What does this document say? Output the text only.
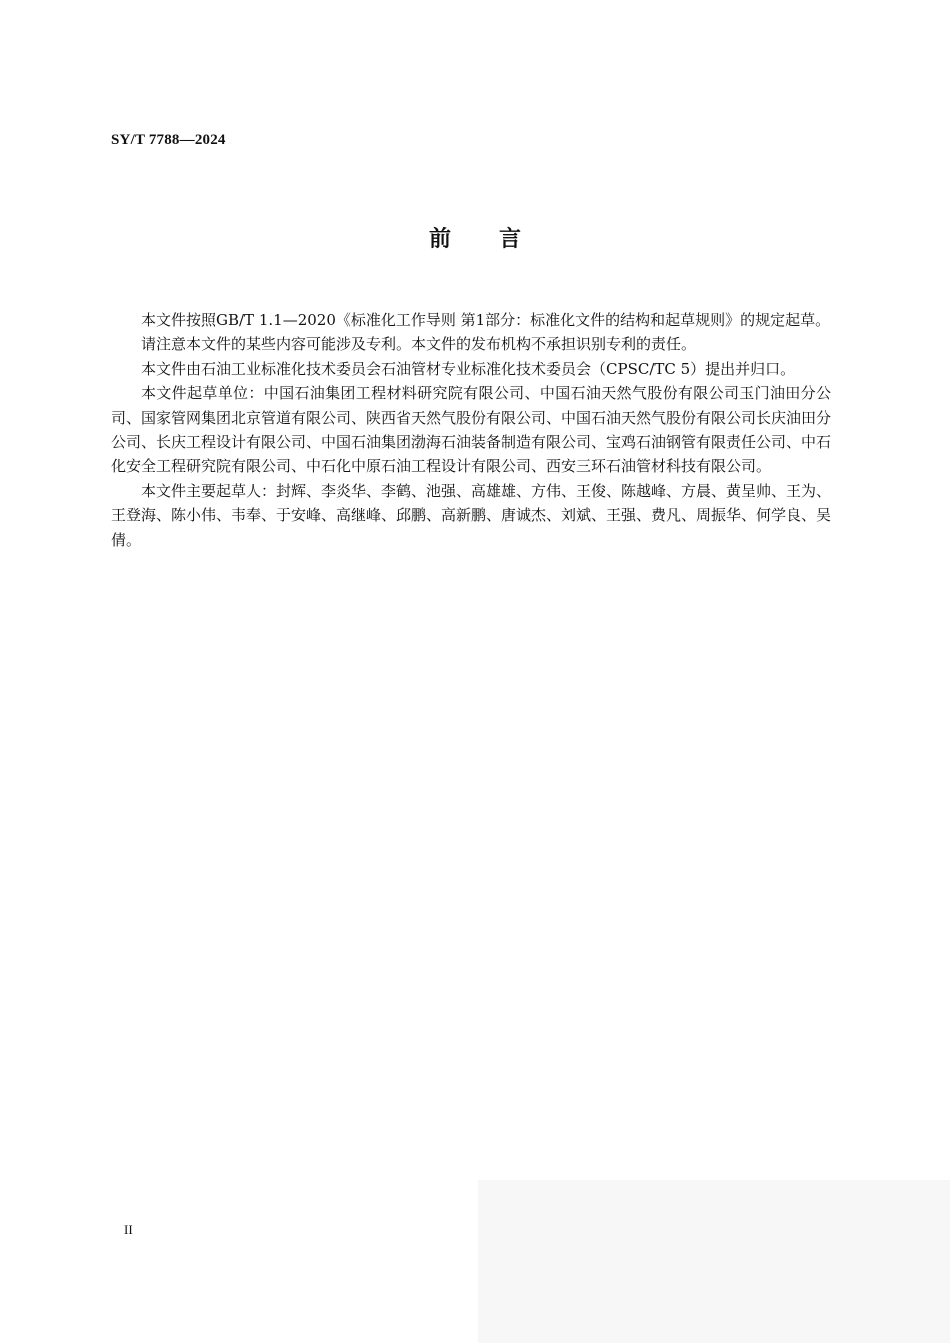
SY/T 7788—2024
前言

本文件按照GB/T 1.1—2020《标准化工作导则 第1部分：标准化文件的结构和起草规则》的规定起草。

请注意本文件的某些内容可能涉及专利。本文件的发布机构不承担识别专利的责任。

本文件由石油工业标准化技术委员会石油管材专业标准化技术委员会（CPSC/TC 5）提出并归口。

本文件起草单位：中国石油集团工程材料研究院有限公司、中国石油天然气股份有限公司玉门油田分公司、国家管网集团北京管道有限公司、陕西省天然气股份有限公司、中国石油天然气股份有限公司长庆油田分公司、长庆工程设计有限公司、中国石油集团渤海石油装备制造有限公司、宝鸡石油钢管有限责任公司、中石化安全工程研究院有限公司、中石化中原石油工程设计有限公司、西安三环石油管材科技有限公司。

本文件主要起草人：封辉、李炎华、李鹤、池强、高雄雄、方伟、王俊、陈越峰、方晨、黄呈帅、王为、王登海、陈小伟、韦奉、于安峰、高继峰、邱鹏、高新鹏、唐诚杰、刘斌、王强、费凡、周振华、何学良、吴倩。

II
